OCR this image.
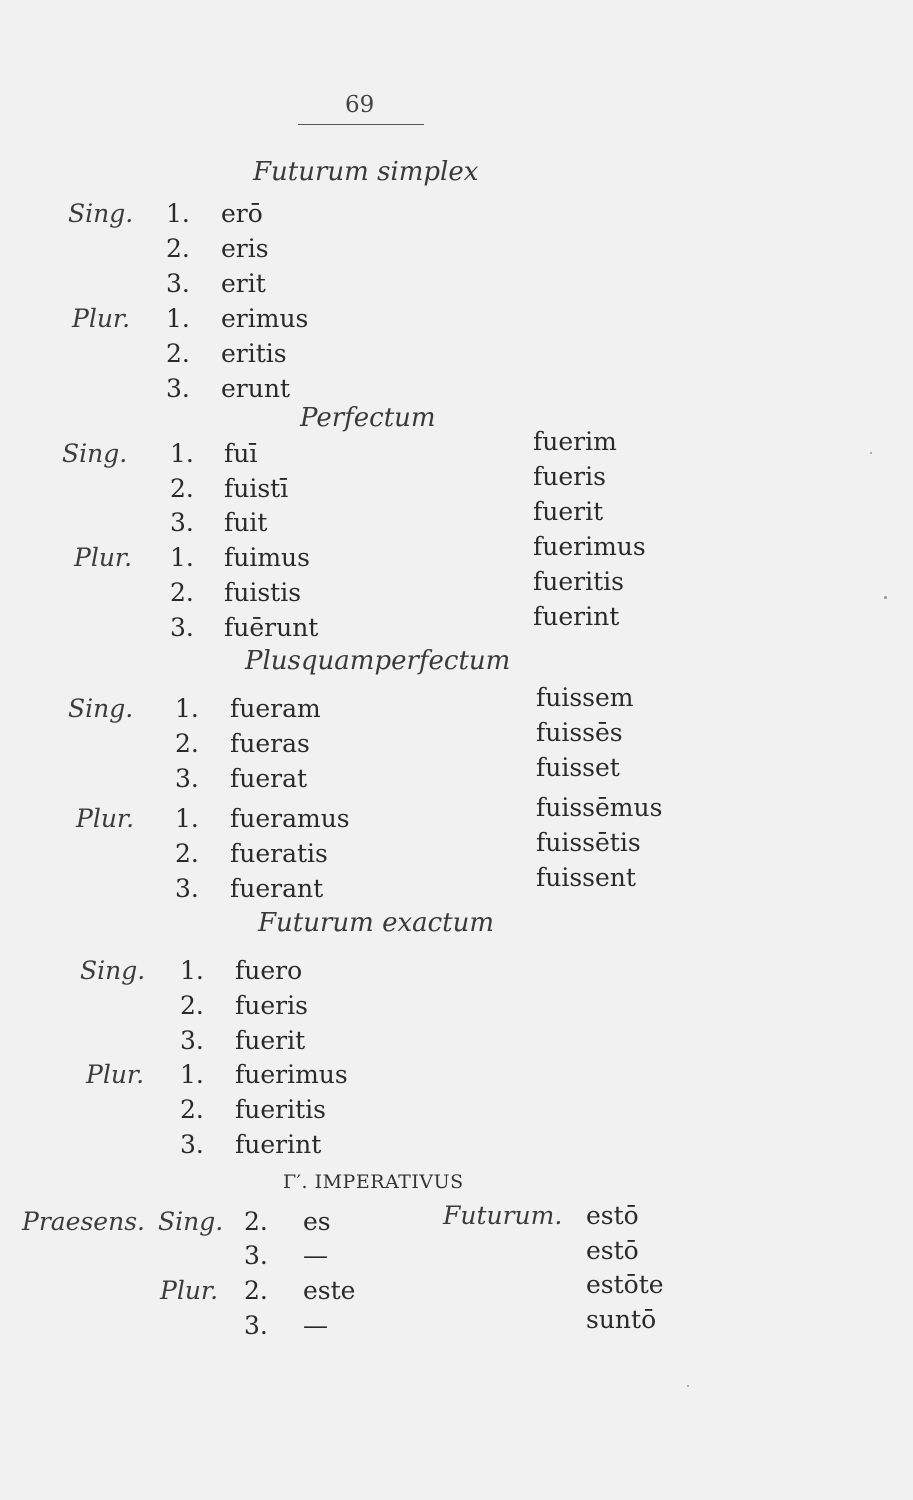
69
Futurum simplex
Sing.
Plur.
1.
2.
3.
1.
2.
3.
erō
eris
erit
erimus
eritis
erunt
Perfectum
Sing.
Plur.
1.
2.
3.
1.
2.
3.
fuī
fuistī
fuit
fuimus
fuistis
fuērunt
fuerim
fueris
fuerit
fuerimus
fueritis
fuerint
Plusquamperfectum
Sing.
Plur.
1.
2.
3.
1.
2.
3.
fueram
fueras
fuerat
fueramus
fueratis
fuerant
fuissem
fuissēs
fuisset
fuissēmus
fuissētis
fuissent
Futurum exactum
Sing.
Plur.
1.
2.
3.
1.
2.
3.
fuero
fueris
fuerit
fuerimus
fueritis
fuerint
Γ′. IMPERATIVUS
Praesens. Sing.
Plur.
Futurum.
2.
3.
2.
3.
es
—
este
—
estō
estō
estōte
suntō
